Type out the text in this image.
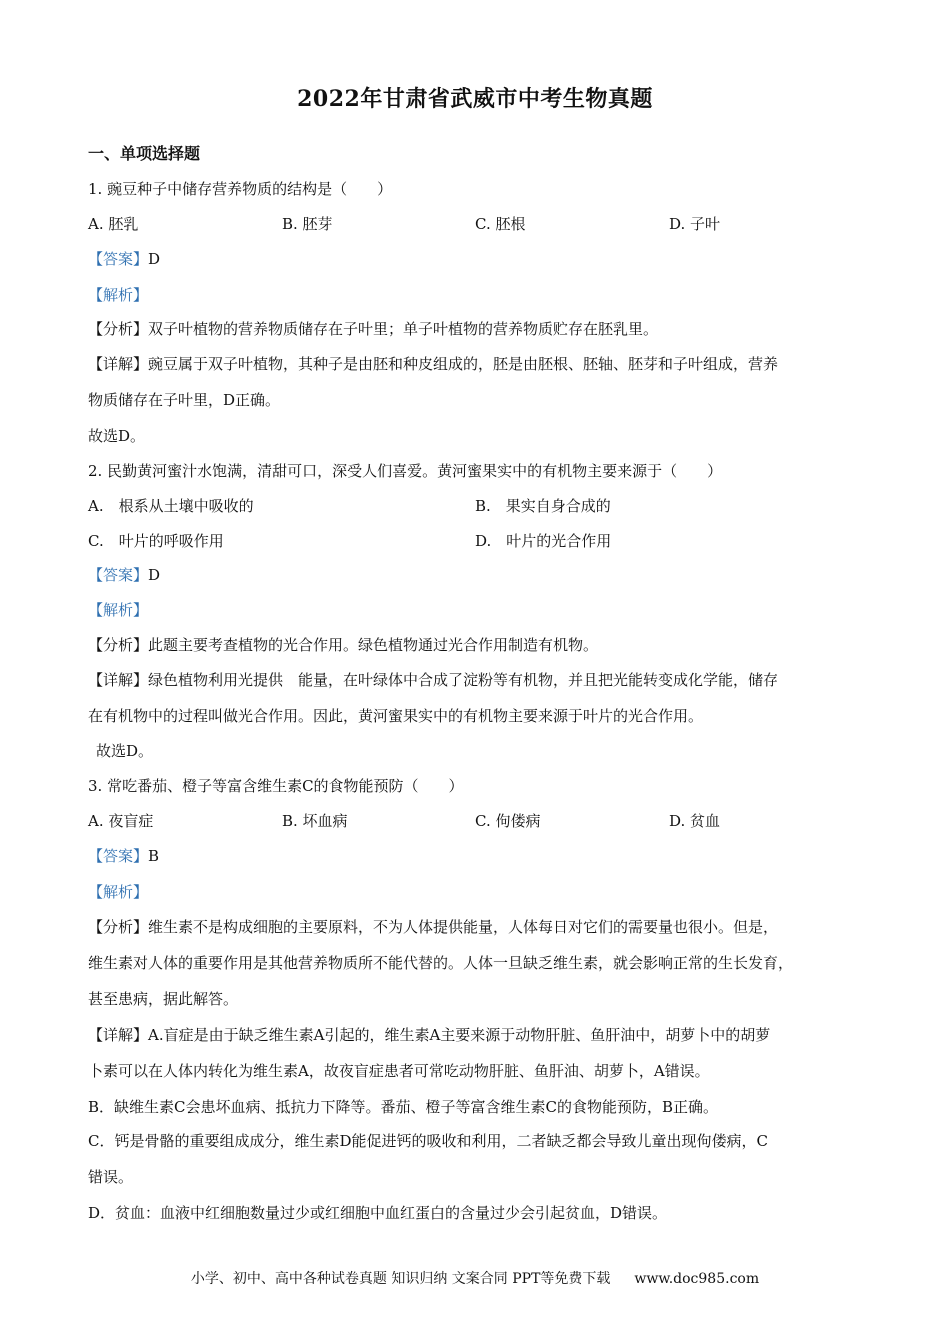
2022年甘肃省武威市中考生物真题
一、单项选择题
1. 豌豆种子中储存营养物质的结构是（　　）
A. 胚乳	B. 胚芽	C. 胚根	D. 子叶
【答案】D
【解析】
【分析】双子叶植物的营养物质储存在子叶里；单子叶植物的营养物质贮存在胚乳里。
【详解】豌豆属于双子叶植物，其种子是由胚和种皮组成的，胚是由胚根、胚轴、胚芽和子叶组成，营养
物质储存在子叶里，D正确。
故选D。
2. 民勤黄河蜜汁水饱满，清甜可口，深受人们喜爱。黄河蜜果实中的有机物主要来源于（　　）
A.　根系从土壤中吸收的	B.　果实自身合成的
C.　叶片的呼吸作用	D.　叶片的光合作用
【答案】D
【解析】
【分析】此题主要考查植物的光合作用。绿色植物通过光合作用制造有机物。
【详解】绿色植物利用光提供　能量，在叶绿体中合成了淀粉等有机物，并且把光能转变成化学能，储存
在有机物中的过程叫做光合作用。因此，黄河蜜果实中的有机物主要来源于叶片的光合作用。
故选D。
3. 常吃番茄、橙子等富含维生素C的食物能预防（　　）
A. 夜盲症	B. 坏血病	C. 佝偻病	D. 贫血
【答案】B
【解析】
【分析】维生素不是构成细胞的主要原料，不为人体提供能量，人体每日对它们的需要量也很小。但是，
维生素对人体的重要作用是其他营养物质所不能代替的。人体一旦缺乏维生素，就会影响正常的生长发育，
甚至患病，据此解答。
【详解】A.盲症是由于缺乏维生素A引起的，维生素A主要来源于动物肝脏、鱼肝油中，胡萝卜中的胡萝
卜素可以在人体内转化为维生素A，故夜盲症患者可常吃动物肝脏、鱼肝油、胡萝卜，A错误。
B．缺维生素C会患坏血病、抵抗力下降等。番茄、橙子等富含维生素C的食物能预防，B正确。
C．钙是骨骼的重要组成成分，维生素D能促进钙的吸收和利用，二者缺乏都会导致儿童出现佝偻病，C
错误。
D．贫血：血液中红细胞数量过少或红细胞中血红蛋白的含量过少会引起贫血，D错误。
小学、初中、高中各种试卷真题 知识归纳 文案合同 PPT等免费下载 www.doc985.com
